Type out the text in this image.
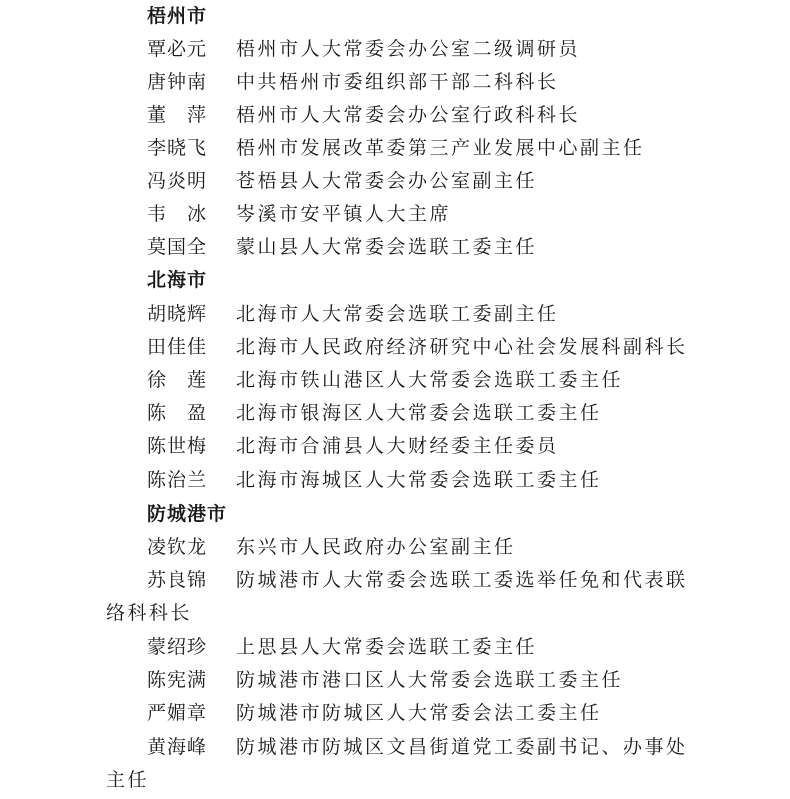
梧州市
覃必元 梧州市人大常委会办公室二级调研员
唐钟南 中共梧州市委组织部干部二科科长
董　萍 梧州市人大常委会办公室行政科科长
李晓飞 梧州市发展改革委第三产业发展中心副主任
冯炎明 苍梧县人大常委会办公室副主任
韦　冰 岑溪市安平镇人大主席
莫国全 蒙山县人大常委会选联工委主任
北海市
胡晓辉 北海市人大常委会选联工委副主任
田佳佳 北海市人民政府经济研究中心社会发展科副科长
徐　莲 北海市铁山港区人大常委会选联工委主任
陈　盈 北海市银海区人大常委会选联工委主任
陈世梅 北海市合浦县人大财经委主任委员
陈治兰 北海市海城区人大常委会选联工委主任
防城港市
凌钦龙 东兴市人民政府办公室副主任
苏良锦 防城港市人大常委会选联工委选举任免和代表联
络科科长
蒙绍珍 上思县人大常委会选联工委主任
陈宪满 防城港市港口区人大常委会选联工委主任
严媚章 防城港市防城区人大常委会法工委主任
黄海峰 防城港市防城区文昌街道党工委副书记、办事处
主任
